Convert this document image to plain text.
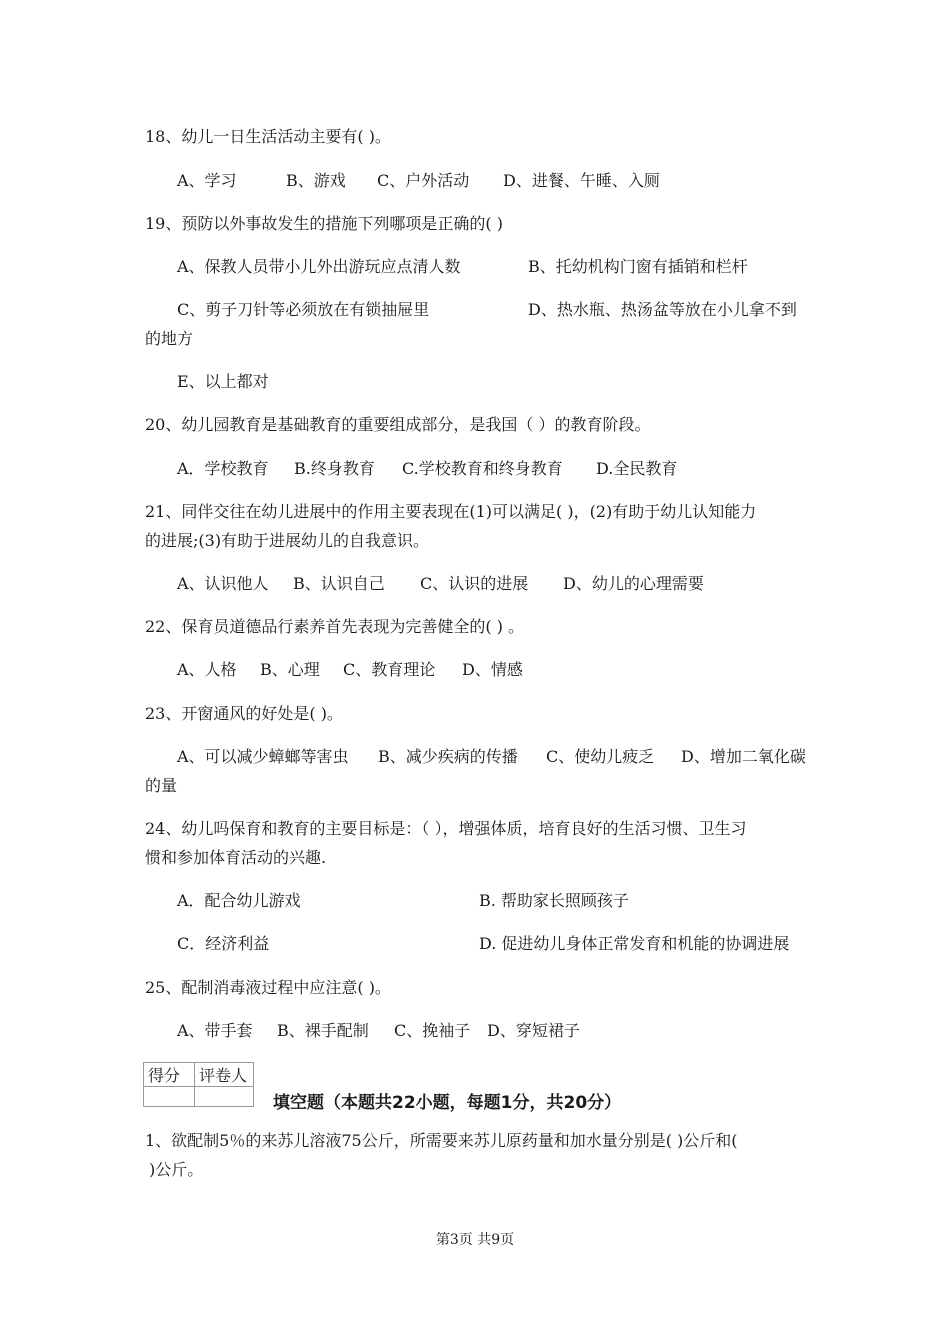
18、幼儿一日生活活动主要有( )。
A、学习	B、游戏 C、户外活动 D、进餐、午睡、入厕
19、预防以外事故发生的措施下列哪项是正确的( )
A、保教人员带小儿外出游玩应点清人数	B、托幼机构门窗有插销和栏杆
C、剪子刀针等必须放在有锁抽屉里	D、热水瓶、热汤盆等放在小儿拿不到
的地方
E、以上都对
20、幼儿园教育是基础教育的重要组成部分，是我国（ ）的教育阶段。
A．学校教育 B.终身教育 C.学校教育和终身教育 D.全民教育
21、同伴交往在幼儿进展中的作用主要表现在(1)可以满足( )，(2)有助于幼儿认知能力
的进展;(3)有助于进展幼儿的自我意识。
A、认识他人 B、认识自己 C、认识的进展 D、幼儿的心理需要
22、保育员道德品行素养首先表现为完善健全的( ) 。
A、人格 B、心理 C、教育理论 D、情感
23、开窗通风的好处是( )。
A、可以减少蟑螂等害虫 B、减少疾病的传播 C、使幼儿疲乏 D、增加二氧化碳
的量
24、幼儿吗保育和教育的主要目标是：（ ），增强体质，培育良好的生活习惯、卫生习
惯和参加体育活动的兴趣.
A．配合幼儿游戏	B. 帮助家长照顾孩子
C．经济利益	D. 促进幼儿身体正常发育和机能的协调进展
25、配制消毒液过程中应注意( )。
A、带手套 B、裸手配制 C、挽袖子 D、穿短裙子
得分	评卷人

填空题（本题共22小题，每题1分，共20分）
1、欲配制5％的来苏儿溶液75公斤，所需要来苏儿原药量和加水量分别是( )公斤和(
)公斤。
第3页 共9页
